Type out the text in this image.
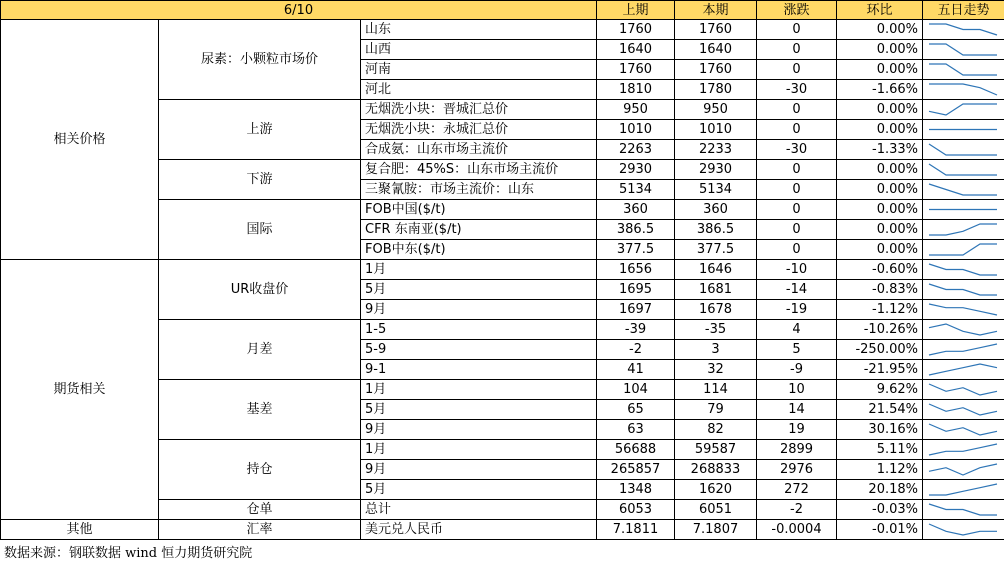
6/10			上期	本期	涨跌	环比	五日走势
相关价格	尿素：小颗粒市场价	山东	1760	1760	0	0.00%	

		山西	1640	1640	0	0.00%	

		河南	1760	1760	0	0.00%	

		河北	1810	1780	-30	-1.66%	

	上游	无烟洗小块：晋城汇总价	950	950	0	0.00%	

		无烟洗小块：永城汇总价	1010	1010	0	0.00%	

		合成氨：山东市场主流价	2263	2233	-30	-1.33%	

	下游	复合肥：45%S：山东市场主流价	2930	2930	0	0.00%	

		三聚氰胺：市场主流价：山东	5134	5134	0	0.00%	

	国际	FOB中国($/t)	360	360	0	0.00%	

		CFR 东南亚($/t)	386.5	386.5	0	0.00%	

		FOB中东($/t)	377.5	377.5	0	0.00%	

期货相关	UR收盘价	1月	1656	1646	-10	-0.60%	

		5月	1695	1681	-14	-0.83%	

		9月	1697	1678	-19	-1.12%	

	月差	1-5	-39	-35	4	-10.26%	

		5-9	-2	3	5	-250.00%	

		9-1	41	32	-9	-21.95%	

	基差	1月	104	114	10	9.62%	

		5月	65	79	14	21.54%	

		9月	63	82	19	30.16%	

	持仓	1月	56688	59587	2899	5.11%	

		9月	265857	268833	2976	1.12%	

		5月	1348	1620	272	20.18%	

	仓单	总计	6053	6051	-2	-0.03%	

其他	汇率	美元兑人民币	7.1811	7.1807	-0.0004	-0.01%	
数据来源：钢联数据 wind 恒力期货研究院
